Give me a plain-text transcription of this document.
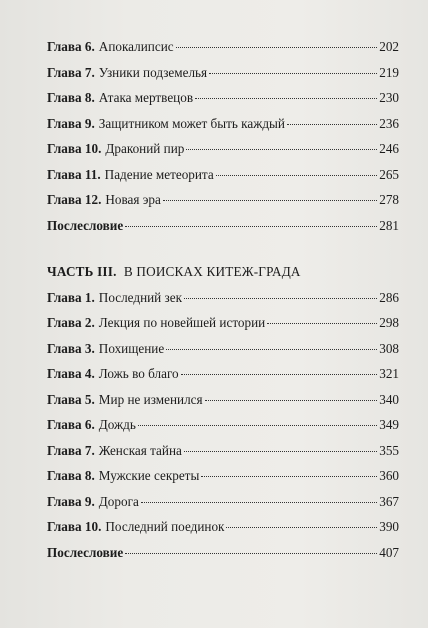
Глава 6. Апокалипсис	202
Глава 7. Узники подземелья	219
Глава 8. Атака мертвецов	230
Глава 9. Защитником может быть каждый	236
Глава 10. Драконий пир	246
Глава 11. Падение метеорита	265
Глава 12. Новая эра	278
Послесловие	281
ЧАСТЬ III. В ПОИСКАХ КИТЕЖ-ГРАДА
Глава 1. Последний зек	286
Глава 2. Лекция по новейшей истории	298
Глава 3. Похищение	308
Глава 4. Ложь во благо	321
Глава 5. Мир не изменился	340
Глава 6. Дождь	349
Глава 7. Женская тайна	355
Глава 8. Мужские секреты	360
Глава 9. Дорога	367
Глава 10. Последний поединок	390
Послесловие	407
